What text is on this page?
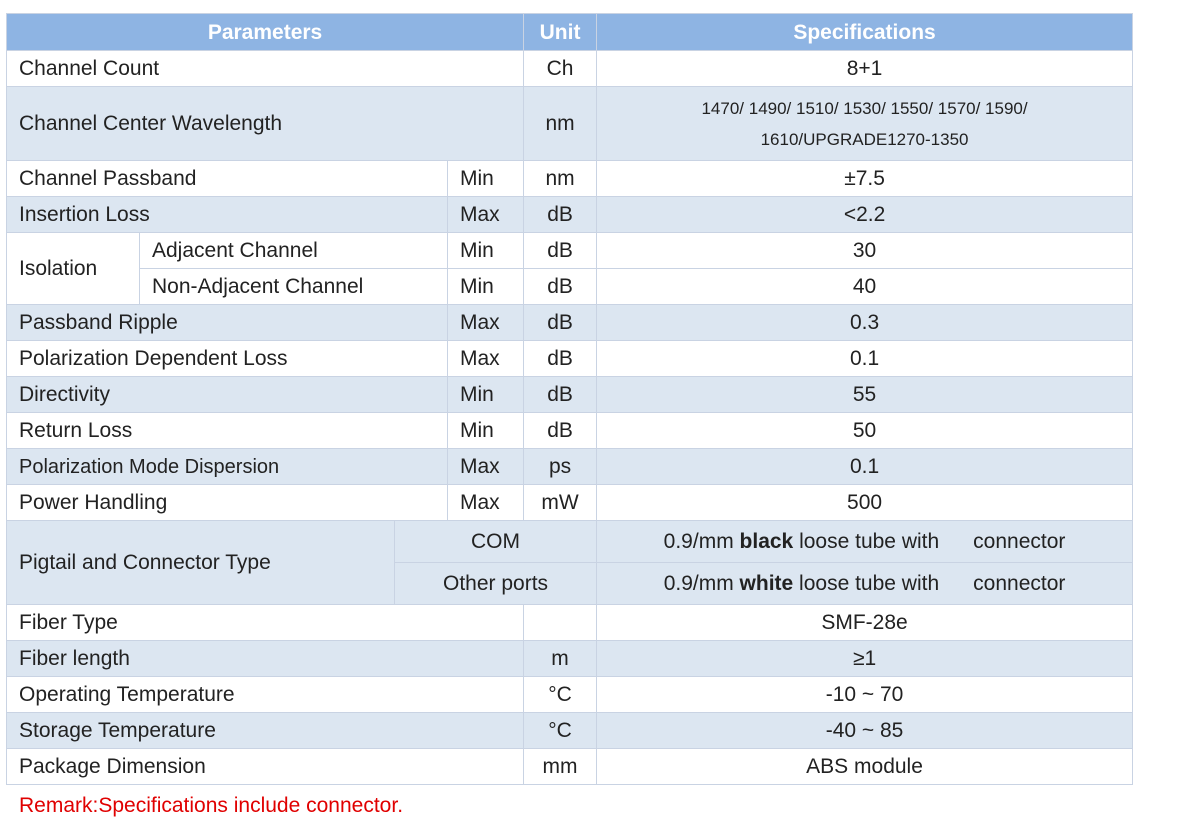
Parameters				Unit	Specifications
Channel Count				Ch	8+1
Channel Center Wavelength				nm	1470/ 1490/ 1510/ 1530/ 1550/ 1570/ 1590/
1610/UPGRADE1270-1350

Channel Passband			Min	nm	±7.5
Insertion Loss			Max	dB	<2.2
Isolation	Adjacent Channel		Min	dB	30
	Non-Adjacent Channel		Min	dB	40
Passband Ripple			Max	dB	0.3
Polarization Dependent Loss			Max	dB	0.1
Directivity			Min	dB	55
Return Loss			Min	dB	50
Polarization Mode Dispersion			Max	ps	0.1
Power Handling			Max	mW	500
Pigtail and Connector Type		COM			0.9/mm black loose tube with connector
		Other ports			0.9/mm white loose tube with connector
Fiber Type					SMF-28e
Fiber length				m	≥1
Operating Temperature				°C	-10 ~ 70
Storage Temperature				°C	-40 ~ 85
Package Dimension				mm	ABS module
Remark:Specifications include connector.
